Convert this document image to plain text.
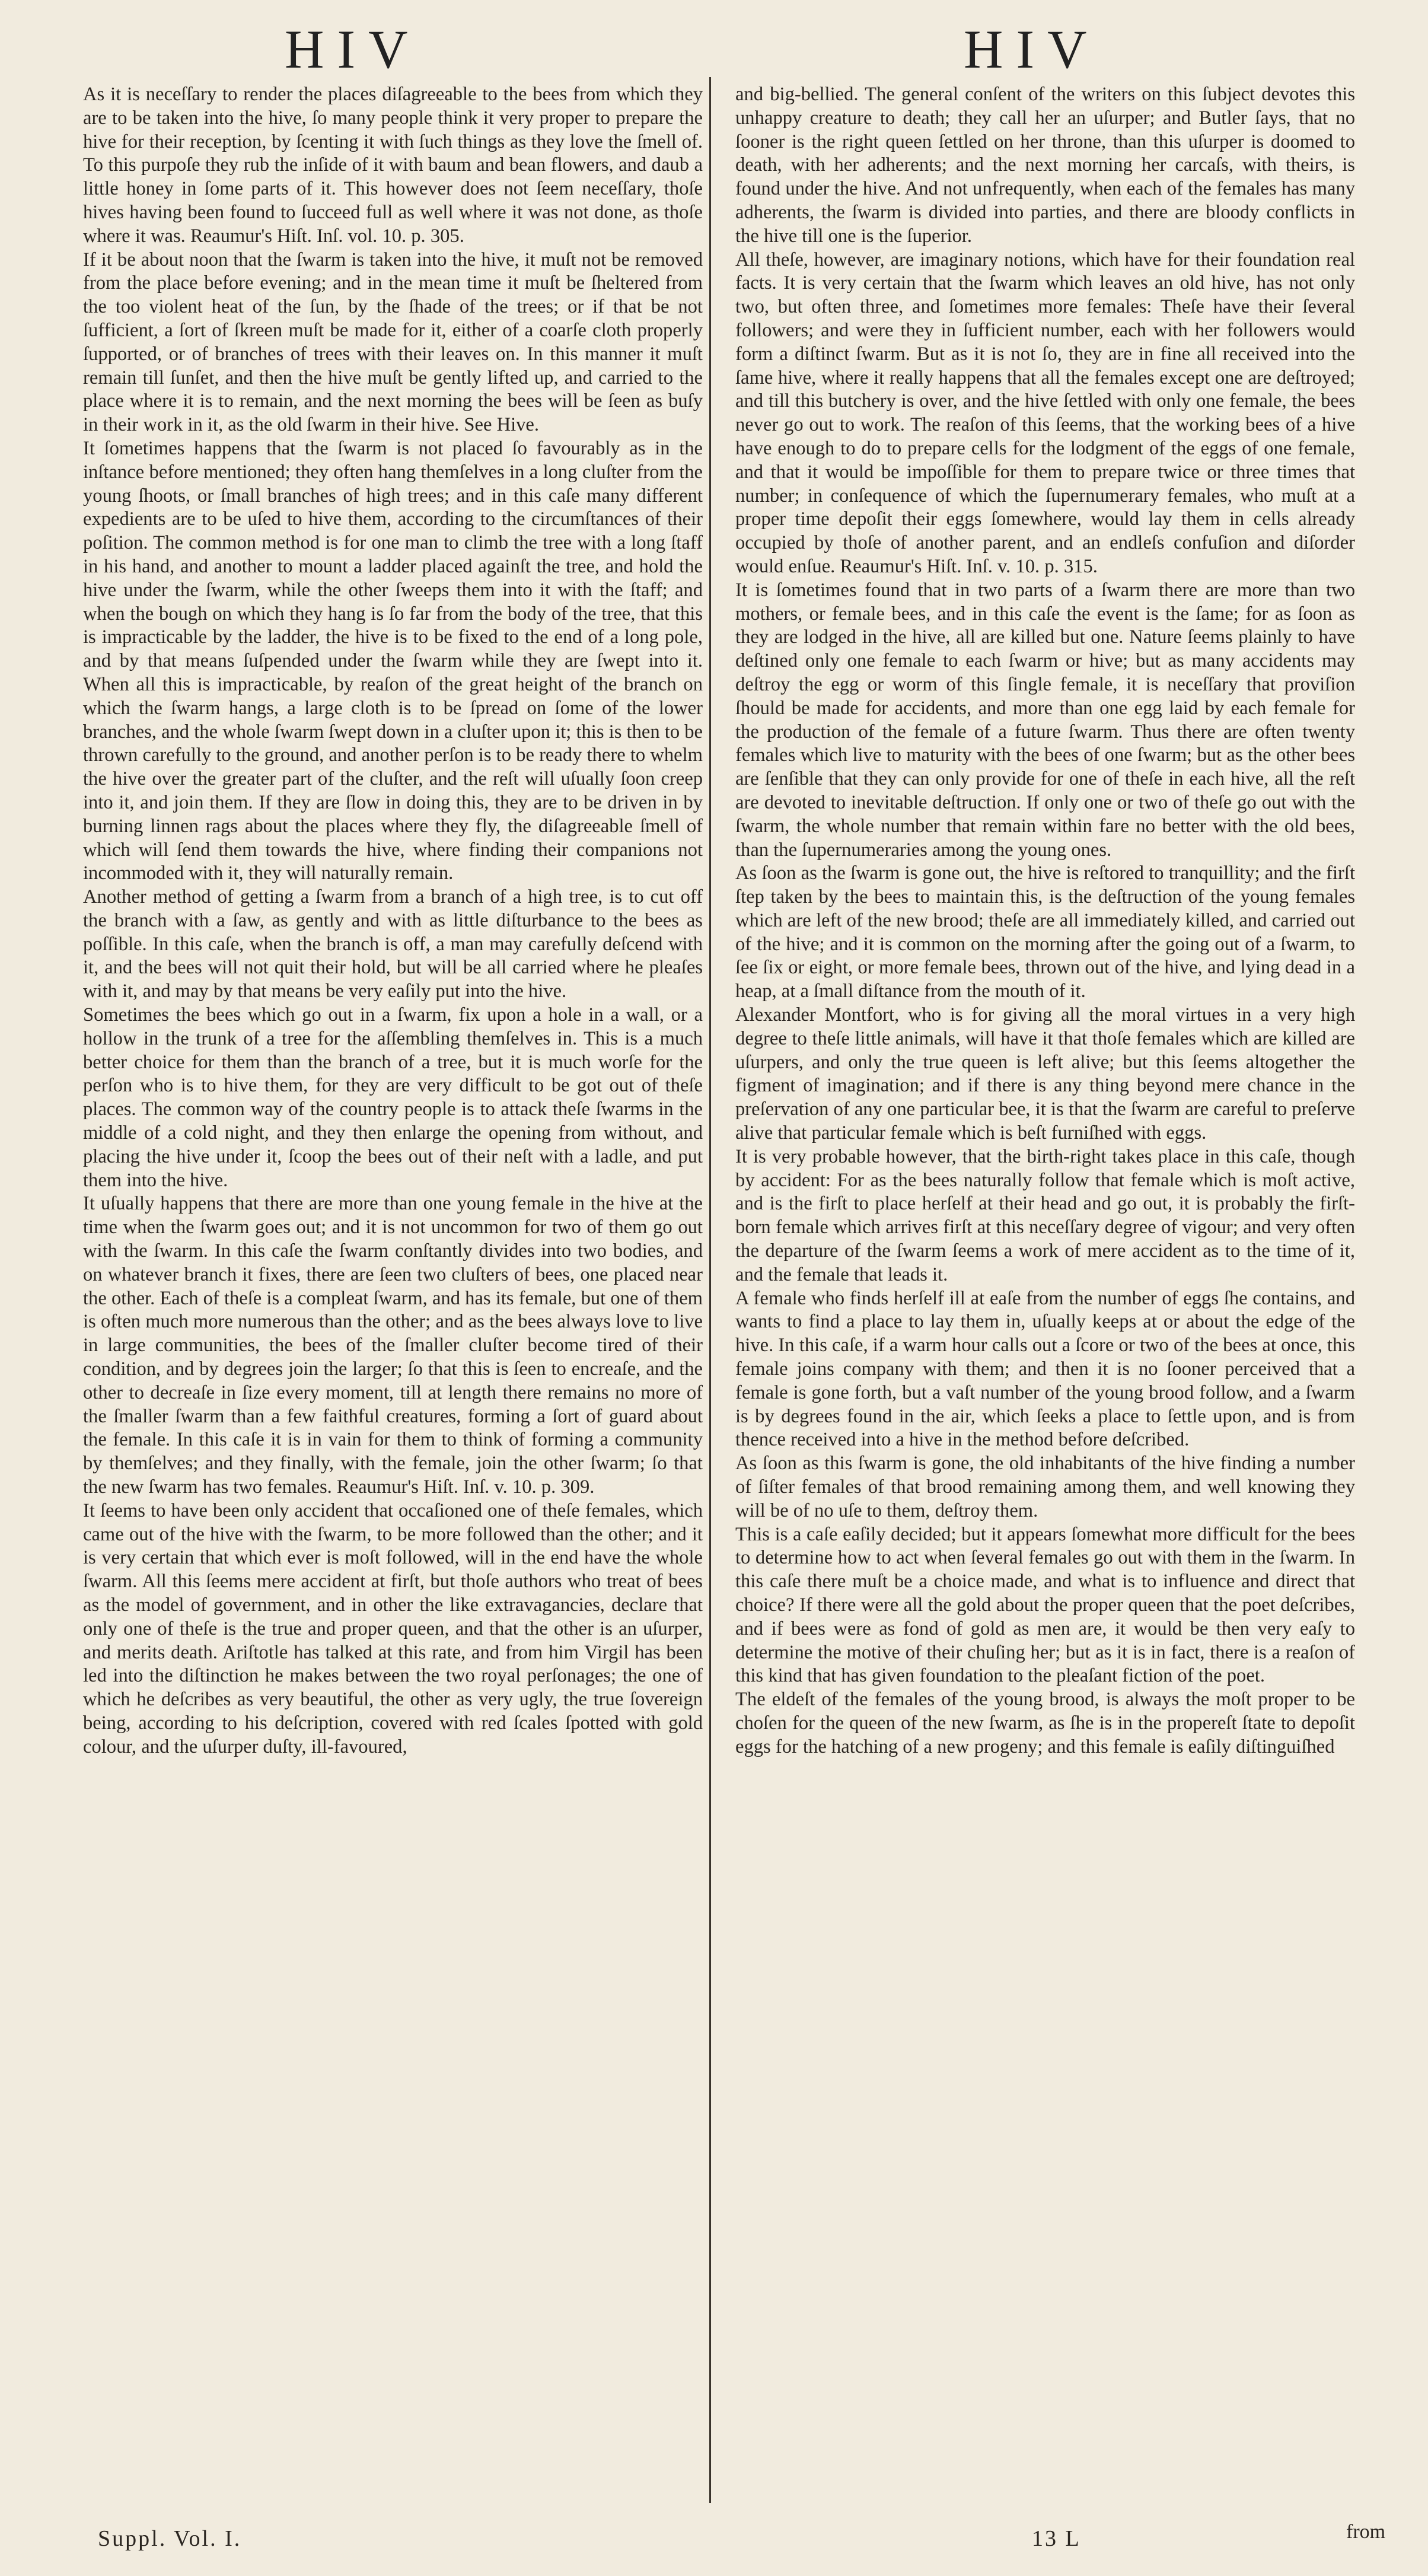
HIV	HIV

As it is neceſſary to render the places diſagreeable to the bees from which they are to be taken into the hive, ſo many people think it very proper to prepare the hive for their reception, by ſcenting it with ſuch things as they love the ſmell of. To this purpoſe they rub the inſide of it with baum and bean flowers, and daub a little honey in ſome parts of it. This however does not ſeem neceſſary, thoſe hives having been found to ſucceed full as well where it was not done, as thoſe where it was. Reaumur's Hiſt. Inſ. vol. 10. p. 305.

If it be about noon that the ſwarm is taken into the hive, it muſt not be removed from the place before evening; and in the mean time it muſt be ſheltered from the too violent heat of the ſun, by the ſhade of the trees; or if that be not ſufficient, a ſort of ſkreen muſt be made for it, either of a coarſe cloth properly ſupported, or of branches of trees with their leaves on. In this manner it muſt remain till ſunſet, and then the hive muſt be gently lifted up, and carried to the place where it is to remain, and the next morning the bees will be ſeen as buſy in their work in it, as the old ſwarm in their hive. See Hive.

It ſometimes happens that the ſwarm is not placed ſo favourably as in the inſtance before mentioned; they often hang themſelves in a long cluſter from the young ſhoots, or ſmall branches of high trees; and in this caſe many different expedients are to be uſed to hive them, according to the circumſtances of their poſition. The common method is for one man to climb the tree with a long ſtaff in his hand, and another to mount a ladder placed againſt the tree, and hold the hive under the ſwarm, while the other ſweeps them into it with the ſtaff; and when the bough on which they hang is ſo far from the body of the tree, that this is impracticable by the ladder, the hive is to be fixed to the end of a long pole, and by that means ſuſpended under the ſwarm while they are ſwept into it. When all this is impracticable, by reaſon of the great height of the branch on which the ſwarm hangs, a large cloth is to be ſpread on ſome of the lower branches, and the whole ſwarm ſwept down in a cluſter upon it; this is then to be thrown carefully to the ground, and another perſon is to be ready there to whelm the hive over the greater part of the cluſter, and the reſt will uſually ſoon creep into it, and join them. If they are ſlow in doing this, they are to be driven in by burning linnen rags about the places where they fly, the diſagreeable ſmell of which will ſend them towards the hive, where finding their companions not incommoded with it, they will naturally remain.

Another method of getting a ſwarm from a branch of a high tree, is to cut off the branch with a ſaw, as gently and with as little diſturbance to the bees as poſſible. In this caſe, when the branch is off, a man may carefully deſcend with it, and the bees will not quit their hold, but will be all carried where he pleaſes with it, and may by that means be very eaſily put into the hive.

Sometimes the bees which go out in a ſwarm, fix upon a hole in a wall, or a hollow in the trunk of a tree for the aſſembling themſelves in. This is a much better choice for them than the branch of a tree, but it is much worſe for the perſon who is to hive them, for they are very difficult to be got out of theſe places. The common way of the country people is to attack theſe ſwarms in the middle of a cold night, and they then enlarge the opening from without, and placing the hive under it, ſcoop the bees out of their neſt with a ladle, and put them into the hive.

It uſually happens that there are more than one young female in the hive at the time when the ſwarm goes out; and it is not uncommon for two of them go out with the ſwarm. In this caſe the ſwarm conſtantly divides into two bodies, and on whatever branch it fixes, there are ſeen two cluſters of bees, one placed near the other. Each of theſe is a compleat ſwarm, and has its female, but one of them is often much more numerous than the other; and as the bees always love to live in large communities, the bees of the ſmaller cluſter become tired of their condition, and by degrees join the larger; ſo that this is ſeen to encreaſe, and the other to decreaſe in ſize every moment, till at length there remains no more of the ſmaller ſwarm than a few faithful creatures, forming a ſort of guard about the female. In this caſe it is in vain for them to think of forming a community by themſelves; and they finally, with the female, join the other ſwarm; ſo that the new ſwarm has two females. Reaumur's Hiſt. Inſ. v. 10. p. 309.

It ſeems to have been only accident that occaſioned one of theſe females, which came out of the hive with the ſwarm, to be more followed than the other; and it is very certain that which ever is moſt followed, will in the end have the whole ſwarm. All this ſeems mere accident at firſt, but thoſe authors who treat of bees as the model of government, and in other the like extravagancies, declare that only one of theſe is the true and proper queen, and that the other is an uſurper, and merits death. Ariſtotle has talked at this rate, and from him Virgil has been led into the diſtinction he makes between the two royal perſonages; the one of which he deſcribes as very beautiful, the other as very ugly, the true ſovereign being, according to his deſcription, covered with red ſcales ſpotted with gold colour, and the uſurper duſty, ill-favoured,

and big-bellied. The general conſent of the writers on this ſubject devotes this unhappy creature to death; they call her an uſurper; and Butler ſays, that no ſooner is the right queen ſettled on her throne, than this uſurper is doomed to death, with her adherents; and the next morning her carcaſs, with theirs, is found under the hive. And not unfrequently, when each of the females has many adherents, the ſwarm is divided into parties, and there are bloody conflicts in the hive till one is the ſuperior.

All theſe, however, are imaginary notions, which have for their foundation real facts. It is very certain that the ſwarm which leaves an old hive, has not only two, but often three, and ſometimes more females: Theſe have their ſeveral followers; and were they in ſufficient number, each with her followers would form a diſtinct ſwarm. But as it is not ſo, they are in fine all received into the ſame hive, where it really happens that all the females except one are deſtroyed; and till this butchery is over, and the hive ſettled with only one female, the bees never go out to work. The reaſon of this ſeems, that the working bees of a hive have enough to do to prepare cells for the lodgment of the eggs of one female, and that it would be impoſſible for them to prepare twice or three times that number; in conſequence of which the ſupernumerary females, who muſt at a proper time depoſit their eggs ſomewhere, would lay them in cells already occupied by thoſe of another parent, and an endleſs confuſion and diſorder would enſue. Reaumur's Hiſt. Inſ. v. 10. p. 315.

It is ſometimes found that in two parts of a ſwarm there are more than two mothers, or female bees, and in this caſe the event is the ſame; for as ſoon as they are lodged in the hive, all are killed but one. Nature ſeems plainly to have deſtined only one female to each ſwarm or hive; but as many accidents may deſtroy the egg or worm of this ſingle female, it is neceſſary that proviſion ſhould be made for accidents, and more than one egg laid by each female for the production of the female of a future ſwarm. Thus there are often twenty females which live to maturity with the bees of one ſwarm; but as the other bees are ſenſible that they can only provide for one of theſe in each hive, all the reſt are devoted to inevitable deſtruction. If only one or two of theſe go out with the ſwarm, the whole number that remain within fare no better with the old bees, than the ſupernumeraries among the young ones.

As ſoon as the ſwarm is gone out, the hive is reſtored to tranquillity; and the firſt ſtep taken by the bees to maintain this, is the deſtruction of the young females which are left of the new brood; theſe are all immediately killed, and carried out of the hive; and it is common on the morning after the going out of a ſwarm, to ſee ſix or eight, or more female bees, thrown out of the hive, and lying dead in a heap, at a ſmall diſtance from the mouth of it.

Alexander Montfort, who is for giving all the moral virtues in a very high degree to theſe little animals, will have it that thoſe females which are killed are uſurpers, and only the true queen is left alive; but this ſeems altogether the figment of imagination; and if there is any thing beyond mere chance in the preſervation of any one particular bee, it is that the ſwarm are careful to preſerve alive that particular female which is beſt furniſhed with eggs.

It is very probable however, that the birth-right takes place in this caſe, though by accident: For as the bees naturally follow that female which is moſt active, and is the firſt to place herſelf at their head and go out, it is probably the firſt-born female which arrives firſt at this neceſſary degree of vigour; and very often the departure of the ſwarm ſeems a work of mere accident as to the time of it, and the female that leads it.

A female who finds herſelf ill at eaſe from the number of eggs ſhe contains, and wants to find a place to lay them in, uſually keeps at or about the edge of the hive. In this caſe, if a warm hour calls out a ſcore or two of the bees at once, this female joins company with them; and then it is no ſooner perceived that a female is gone forth, but a vaſt number of the young brood follow, and a ſwarm is by degrees found in the air, which ſeeks a place to ſettle upon, and is from thence received into a hive in the method before deſcribed.

As ſoon as this ſwarm is gone, the old inhabitants of the hive finding a number of ſiſter females of that brood remaining among them, and well knowing they will be of no uſe to them, deſtroy them.

This is a caſe eaſily decided; but it appears ſomewhat more difficult for the bees to determine how to act when ſeveral females go out with them in the ſwarm. In this caſe there muſt be a choice made, and what is to influence and direct that choice? If there were all the gold about the proper queen that the poet deſcribes, and if bees were as fond of gold as men are, it would be then very eaſy to determine the motive of their chuſing her; but as it is in fact, there is a reaſon of this kind that has given foundation to the pleaſant fiction of the poet.

The eldeſt of the females of the young brood, is always the moſt proper to be choſen for the queen of the new ſwarm, as ſhe is in the propereſt ſtate to depoſit eggs for the hatching of a new progeny; and this female is eaſily diſtinguiſhed

Suppl. Vol. I.	13 L	from
